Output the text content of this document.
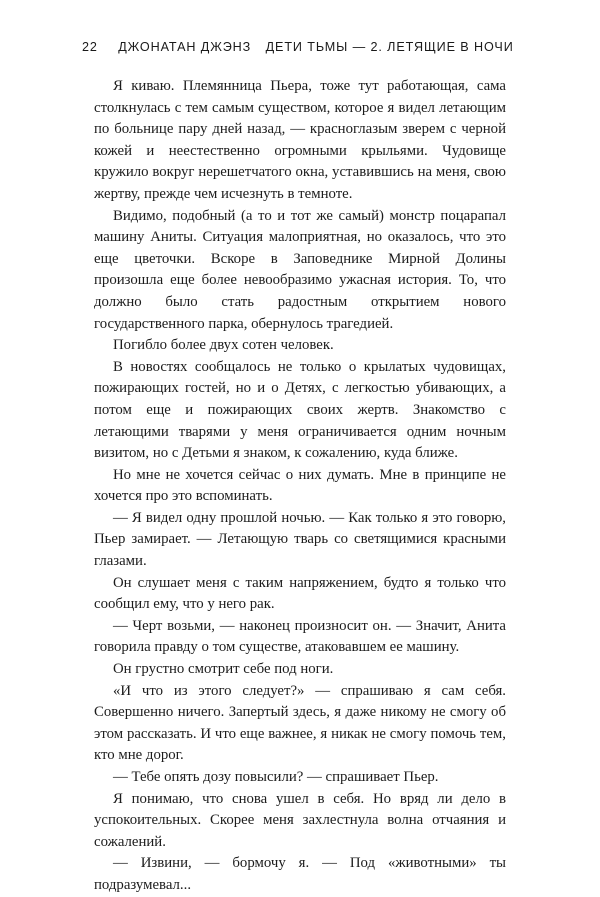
22 ДЖОНАТАН ДЖЭНЗ ДЕТИ ТЬМЫ — 2. ЛЕТЯЩИЕ В НОЧИ

Я киваю. Племянница Пьера, тоже тут работающая, сама столкнулась с тем самым существом, которое я видел летающим по больнице пару дней назад, — красноглазым зверем с черной кожей и неестественно огромными крыльями. Чудовище кружило вокруг нерешетчатого окна, уставившись на меня, свою жертву, прежде чем исчезнуть в темноте.

Видимо, подобный (а то и тот же самый) монстр поцарапал машину Аниты. Ситуация малоприятная, но оказалось, что это еще цветочки. Вскоре в Заповеднике Мирной Долины произошла еще более невообразимо ужасная история. То, что должно было стать радостным открытием нового государственного парка, обернулось трагедией.

Погибло более двух сотен человек.

В новостях сообщалось не только о крылатых чудовищах, пожирающих гостей, но и о Детях, с легкостью убивающих, а потом еще и пожирающих своих жертв. Знакомство с летающими тварями у меня ограничивается одним ночным визитом, но с Детьми я знаком, к сожалению, куда ближе.

Но мне не хочется сейчас о них думать. Мне в принципе не хочется про это вспоминать.

— Я видел одну прошлой ночью. — Как только я это говорю, Пьер замирает. — Летающую тварь со светящимися красными глазами.

Он слушает меня с таким напряжением, будто я только что сообщил ему, что у него рак.

— Черт возьми, — наконец произносит он. — Значит, Анита говорила правду о том существе, атаковавшем ее машину.

Он грустно смотрит себе под ноги.

«И что из этого следует?» — спрашиваю я сам себя. Совершенно ничего. Запертый здесь, я даже никому не смогу об этом рассказать. И что еще важнее, я никак не смогу помочь тем, кто мне дорог.

— Тебе опять дозу повысили? — спрашивает Пьер.

Я понимаю, что снова ушел в себя. Но вряд ли дело в успокоительных. Скорее меня захлестнула волна отчаяния и сожалений.

— Извини, — бормочу я. — Под «животными» ты подразумевал...
